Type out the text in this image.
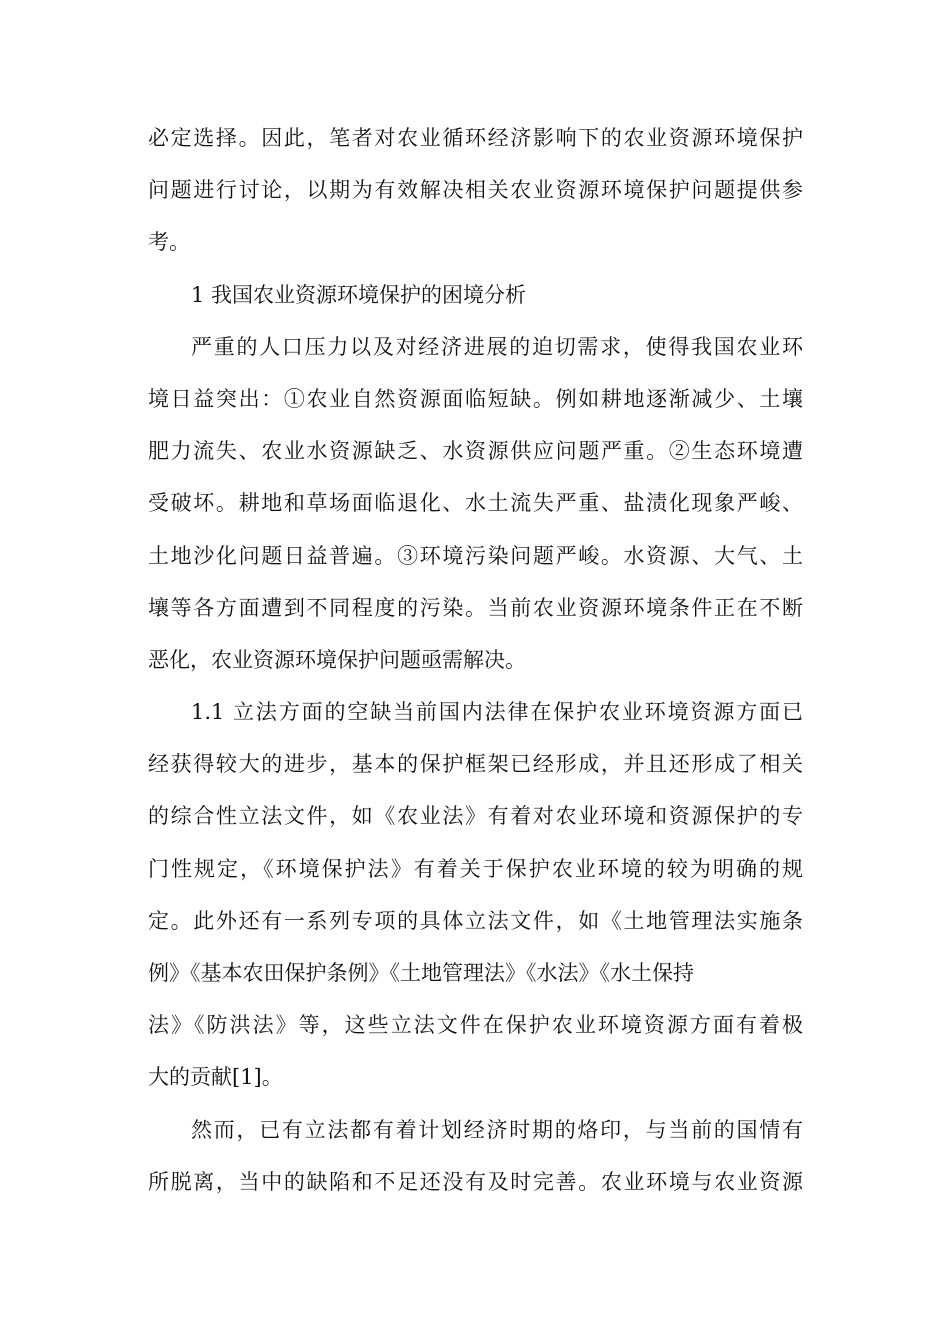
必定选择。因此，笔者对农业循环经济影响下的农业资源环境保护
问题进行讨论，以期为有效解决相关农业资源环境保护问题提供参
考。
1 我国农业资源环境保护的困境分析
严重的人口压力以及对经济进展的迫切需求，使得我国农业环
境日益突出：①农业自然资源面临短缺。例如耕地逐渐减少、土壤
肥力流失、农业水资源缺乏、水资源供应问题严重。②生态环境遭
受破坏。耕地和草场面临退化、水土流失严重、盐渍化现象严峻、
土地沙化问题日益普遍。③环境污染问题严峻。水资源、大气、土
壤等各方面遭到不同程度的污染。当前农业资源环境条件正在不断
恶化，农业资源环境保护问题亟需解决。
1.1 立法方面的空缺当前国内法律在保护农业环境资源方面已
经获得较大的进步，基本的保护框架已经形成，并且还形成了相关
的综合性立法文件，如《农业法》有着对农业环境和资源保护的专
门性规定，《环境保护法》有着关于保护农业环境的较为明确的规
定。此外还有一系列专项的具体立法文件，如《土地管理法实施条
例》《基本农田保护条例》《土地管理法》《水法》《水土保持
法》《防洪法》等，这些立法文件在保护农业环境资源方面有着极
大的贡献[1]。
然而，已有立法都有着计划经济时期的烙印，与当前的国情有
所脱离，当中的缺陷和不足还没有及时完善。农业环境与农业资源
